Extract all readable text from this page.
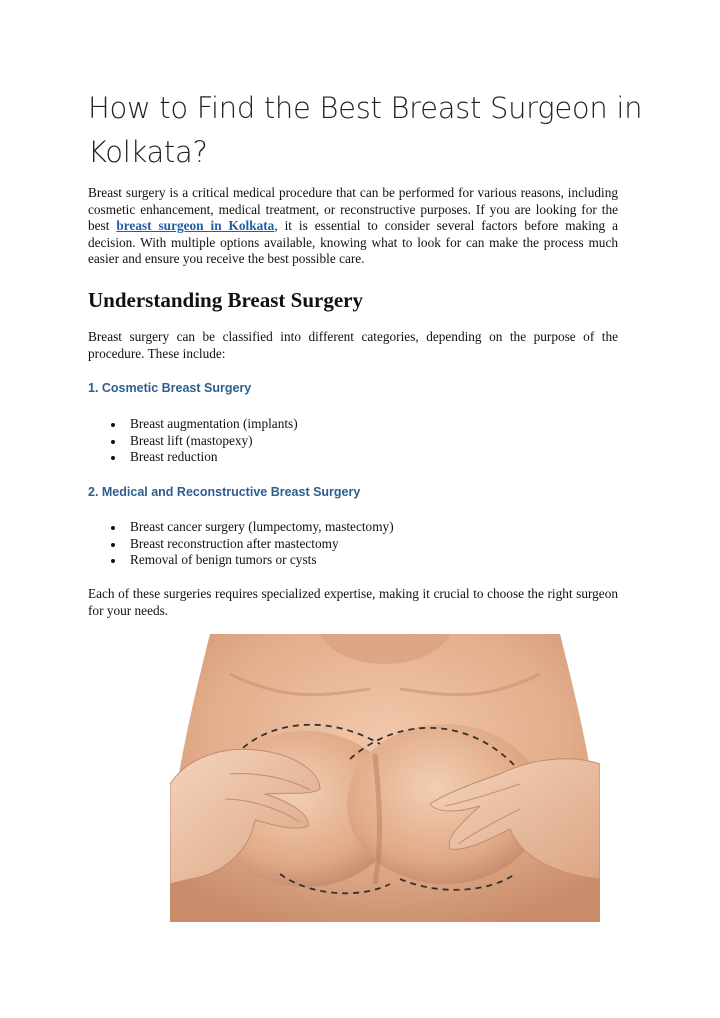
How to Find the Best Breast Surgeon in Kolkata?

Breast surgery is a critical medical procedure that can be performed for various reasons, including cosmetic enhancement, medical treatment, or reconstructive purposes. If you are looking for the best breast surgeon in Kolkata, it is essential to consider several factors before making a decision. With multiple options available, knowing what to look for can make the process much easier and ensure you receive the best possible care.

Understanding Breast Surgery

Breast surgery can be classified into different categories, depending on the purpose of the procedure. These include:

1. Cosmetic Breast Surgery
Breast augmentation (implants)
Breast lift (mastopexy)
Breast reduction
2. Medical and Reconstructive Breast Surgery
Breast cancer surgery (lumpectomy, mastectomy)
Breast reconstruction after mastectomy
Removal of benign tumors or cysts

Each of these surgeries requires specialized expertise, making it crucial to choose the right surgeon for your needs.
